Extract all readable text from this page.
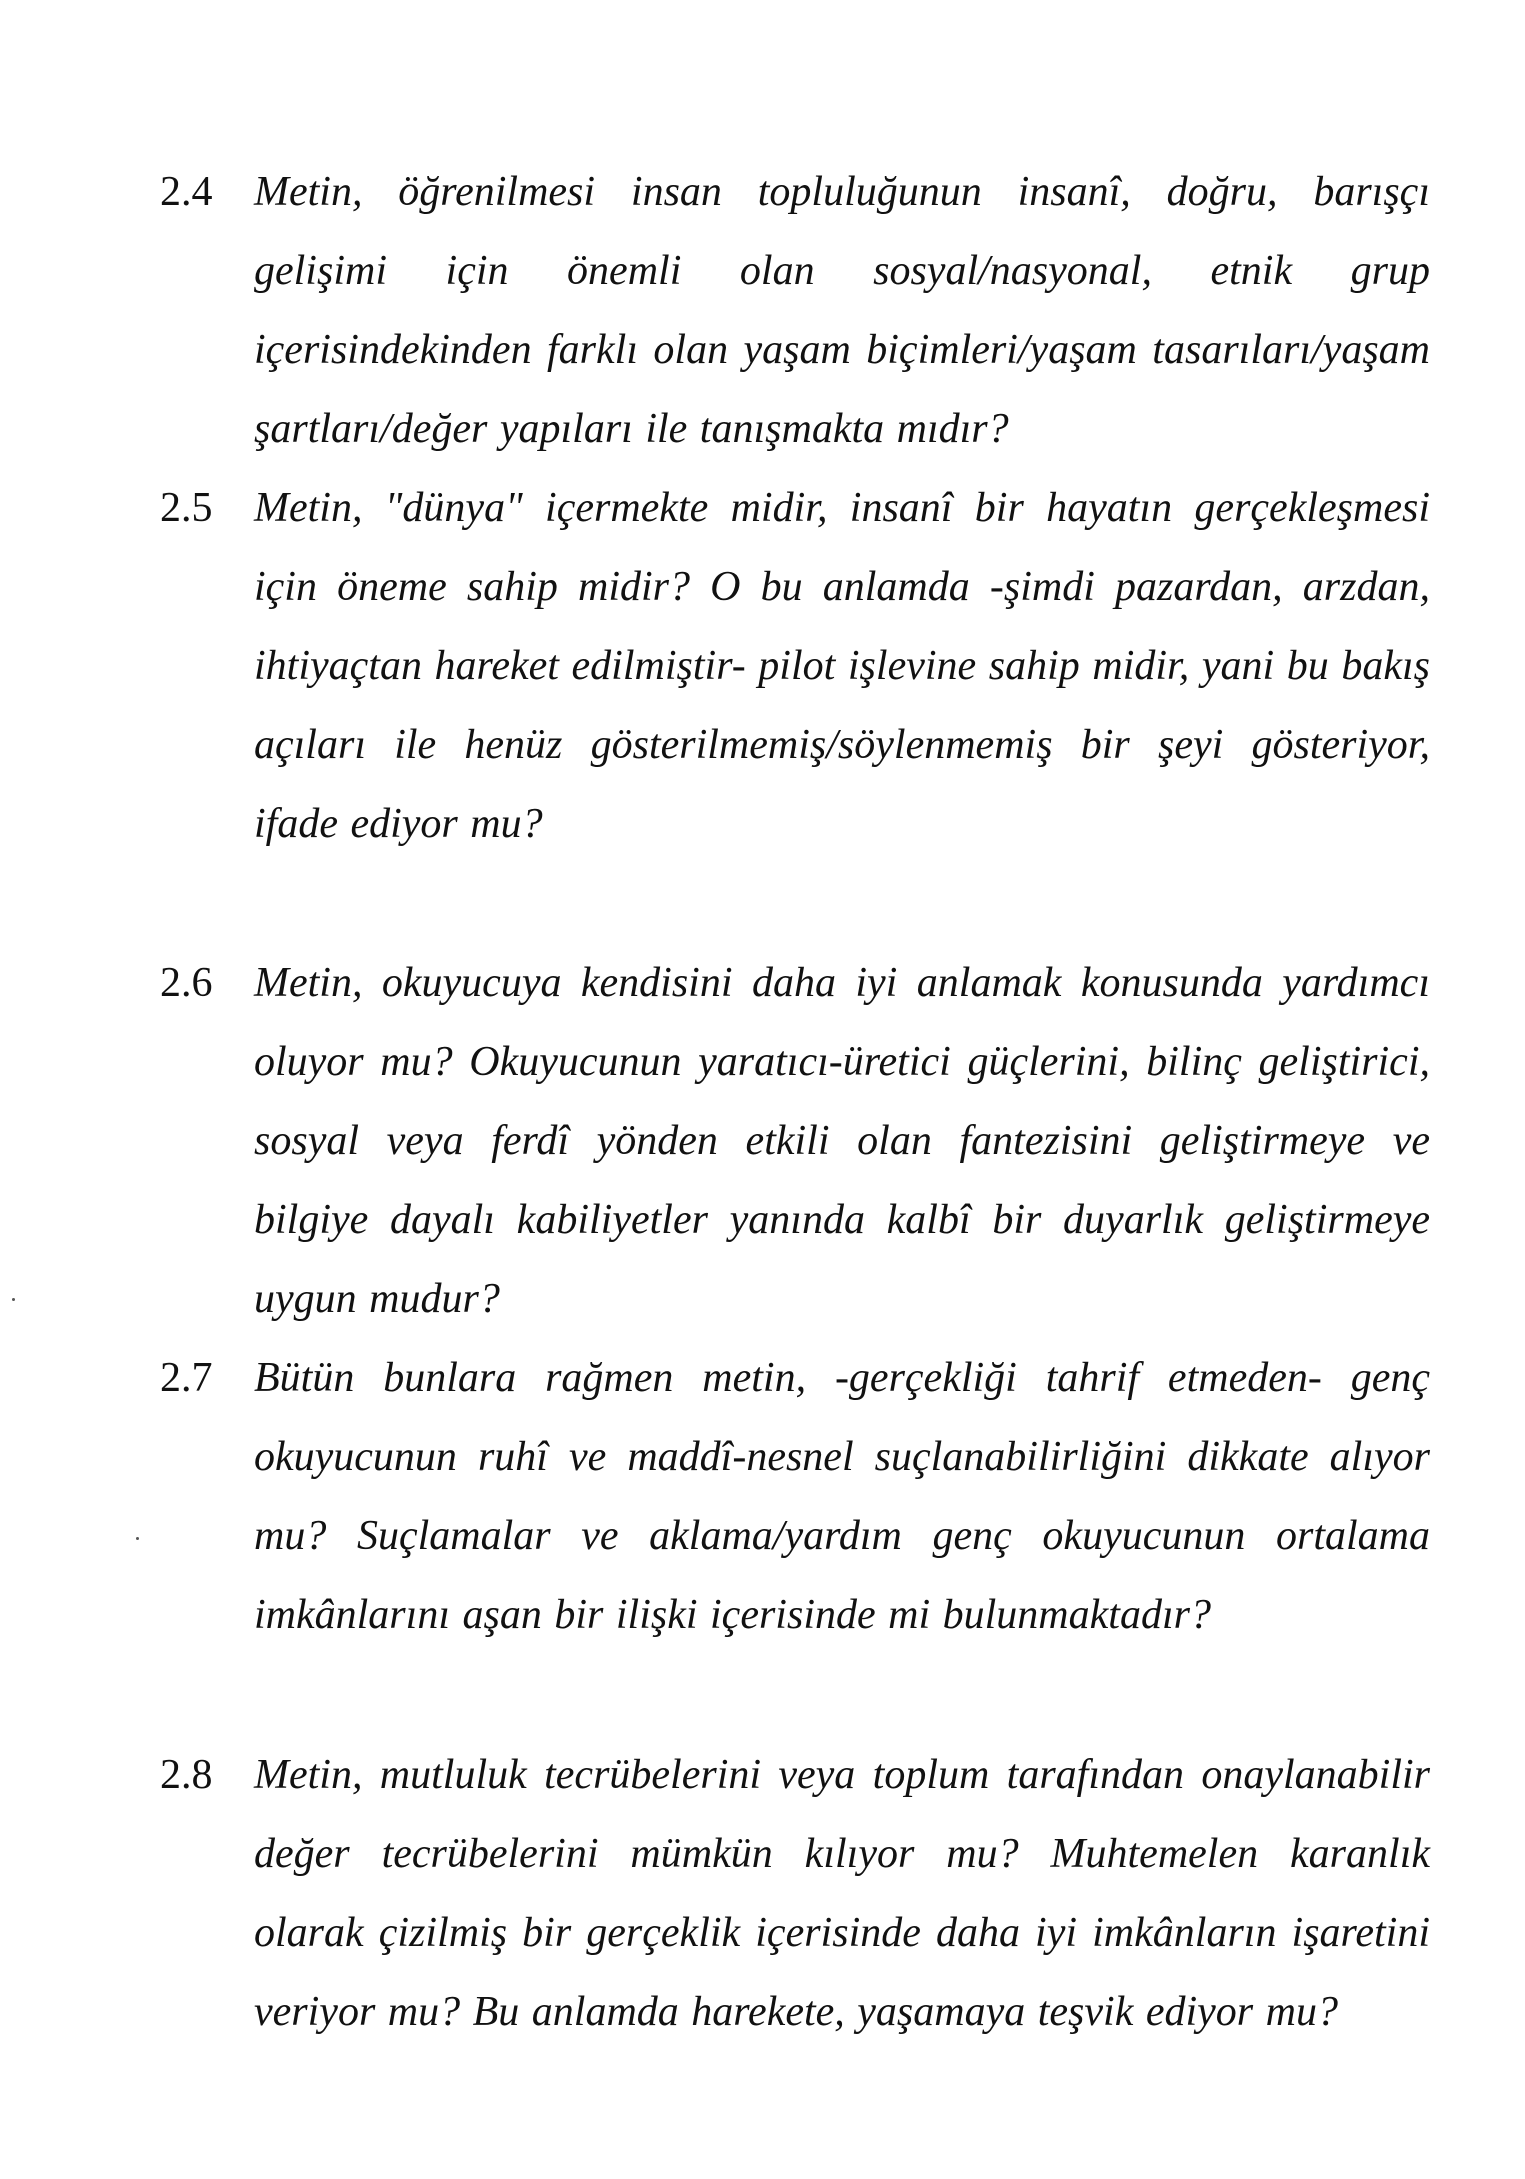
2.4 Metin, öğrenilmesi insan topluluğunun insanî, doğru, barışçı gelişimi için önemli olan sosyal/nasyonal, etnik grup içerisindekinden farklı olan yaşam biçimleri/yaşam tasarıları/yaşam şartları/değer yapıları ile tanışmakta mıdır?
2.5 Metin, "dünya" içermekte midir, insanî bir hayatın gerçekleşmesi için öneme sahip midir? O bu anlamda -şimdi pazardan, arzdan, ihtiyaçtan hareket edilmiştir- pilot işlevine sahip midir, yani bu bakış açıları ile henüz gösterilmemiş/söylenmemiş bir şeyi gösteriyor, ifade ediyor mu?
2.6 Metin, okuyucuya kendisini daha iyi anlamak konusunda yardımcı oluyor mu? Okuyucunun yaratıcı-üretici güçlerini, bilinç geliştirici, sosyal veya ferdî yönden etkili olan fantezisini geliştirmeye ve bilgiye dayalı kabiliyetler yanında kalbî bir duyarlık geliştirmeye uygun mudur?
2.7 Bütün bunlara rağmen metin, -gerçekliği tahrif etmeden- genç okuyucunun ruhî ve maddî-nesnel suçlanabilirliğini dikkate alıyor mu? Suçlamalar ve aklama/yardım genç okuyucunun ortalama imkânlarını aşan bir ilişki içerisinde mi bulunmaktadır?
2.8 Metin, mutluluk tecrübelerini veya toplum tarafından onaylanabilir değer tecrübelerini mümkün kılıyor mu? Muhtemelen karanlık olarak çizilmiş bir gerçeklik içerisinde daha iyi imkânların işaretini veriyor mu? Bu anlamda harekete, yaşamaya teşvik ediyor mu?
